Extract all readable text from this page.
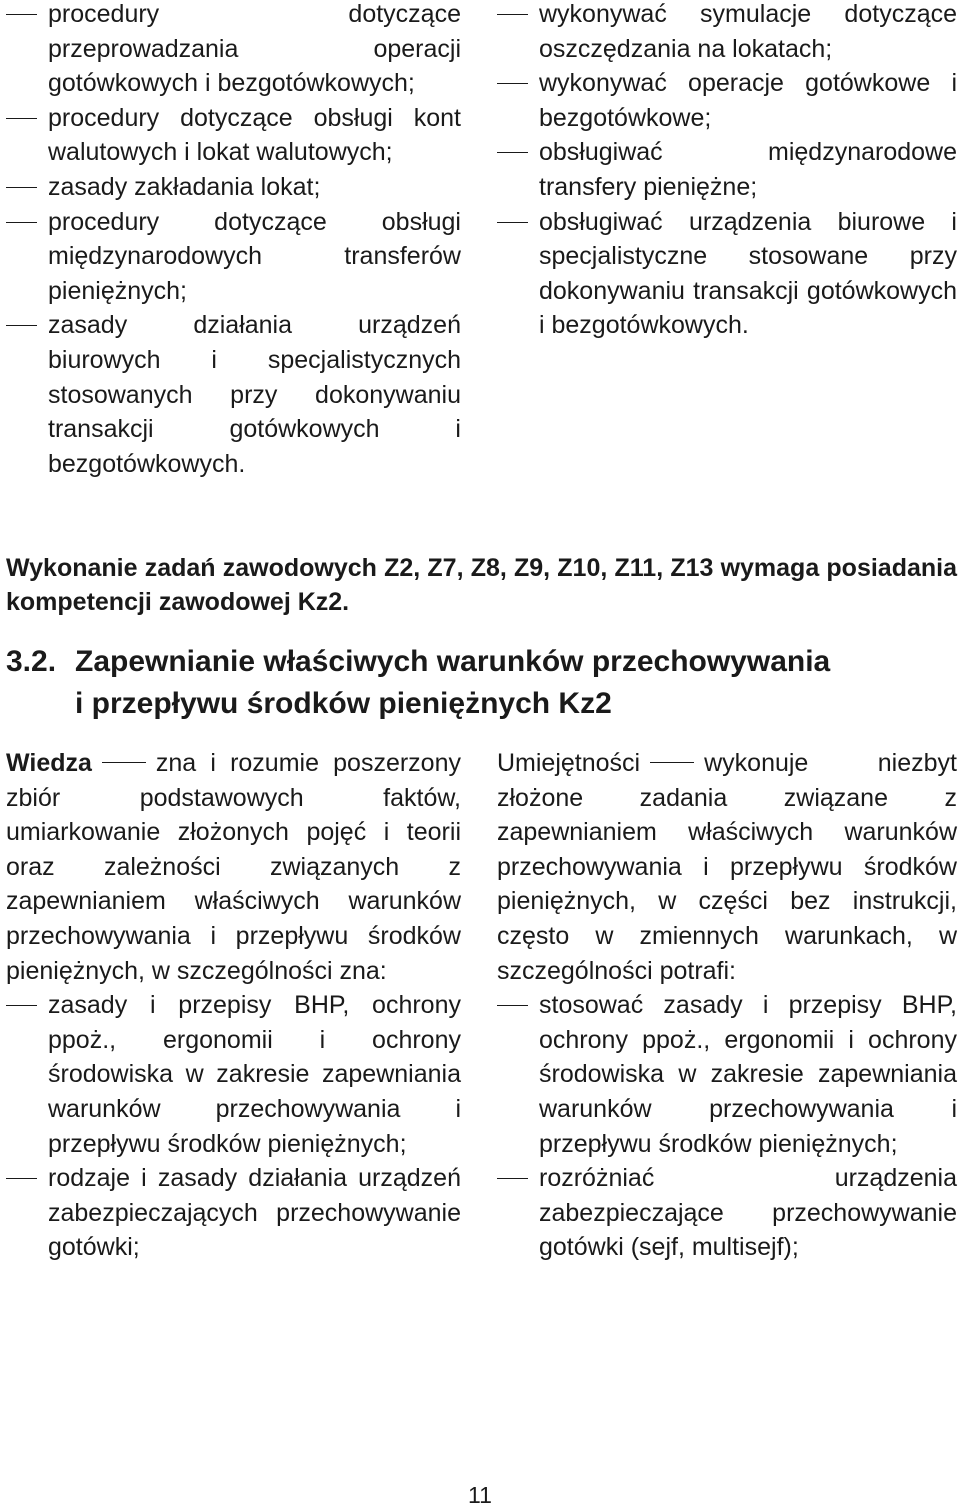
procedury dotyczące przeprowadzania operacji gotówkowych i bezgotówkowych;
procedury dotyczące obsługi kont walutowych i lokat walutowych;
zasady zakładania lokat;
procedury dotyczące obsługi międzynarodowych transferów pieniężnych;
zasady działania urządzeń biurowych i specjalistycznych stosowanych przy dokonywaniu transakcji gotówkowych i bezgotówkowych.
wykonywać symulacje dotyczące oszczędzania na lokatach;
wykonywać operacje gotówkowe i bezgotówkowe;
obsługiwać międzynarodowe transfery pieniężne;
obsługiwać urządzenia biurowe i specjalistyczne stosowane przy dokonywaniu transakcji gotówkowych i bezgotówkowych.
Wykonanie zadań zawodowych Z2, Z7, Z8, Z9, Z10, Z11, Z13 wymaga posiadania kompetencji zawodowej Kz2.
3.2. Zapewnianie właściwych warunków przechowywania
i przepływu środków pieniężnych Kz2
Wiedza	zna i rozumie poszerzony zbiór podstawowych faktów, umiarkowanie złożonych pojęć i teorii oraz zależności związanych z zapewnianiem właściwych warunków przechowywania i przepływu środków pieniężnych, w szczególności zna:
zasady i przepisy BHP, ochrony ppoż., ergonomii i ochrony środowiska w zakresie zapewniania warunków przechowywania i przepływu środków pieniężnych;
rodzaje i zasady działania urządzeń zabezpieczających przechowywanie gotówki;
Umiejętności	wykonuje niezbyt złożone zadania związane z zapewnianiem właściwych warunków przechowywania i przepływu środków pieniężnych, w części bez instrukcji, często w zmiennych warunkach, w szczególności potrafi:
stosować zasady i przepisy BHP, ochrony ppoż., ergonomii i ochrony środowiska w zakresie zapewniania warunków przechowywania i przepływu środków pieniężnych;
rozróżniać urządzenia zabezpieczające przechowywanie gotówki (sejf, multisejf);
11
